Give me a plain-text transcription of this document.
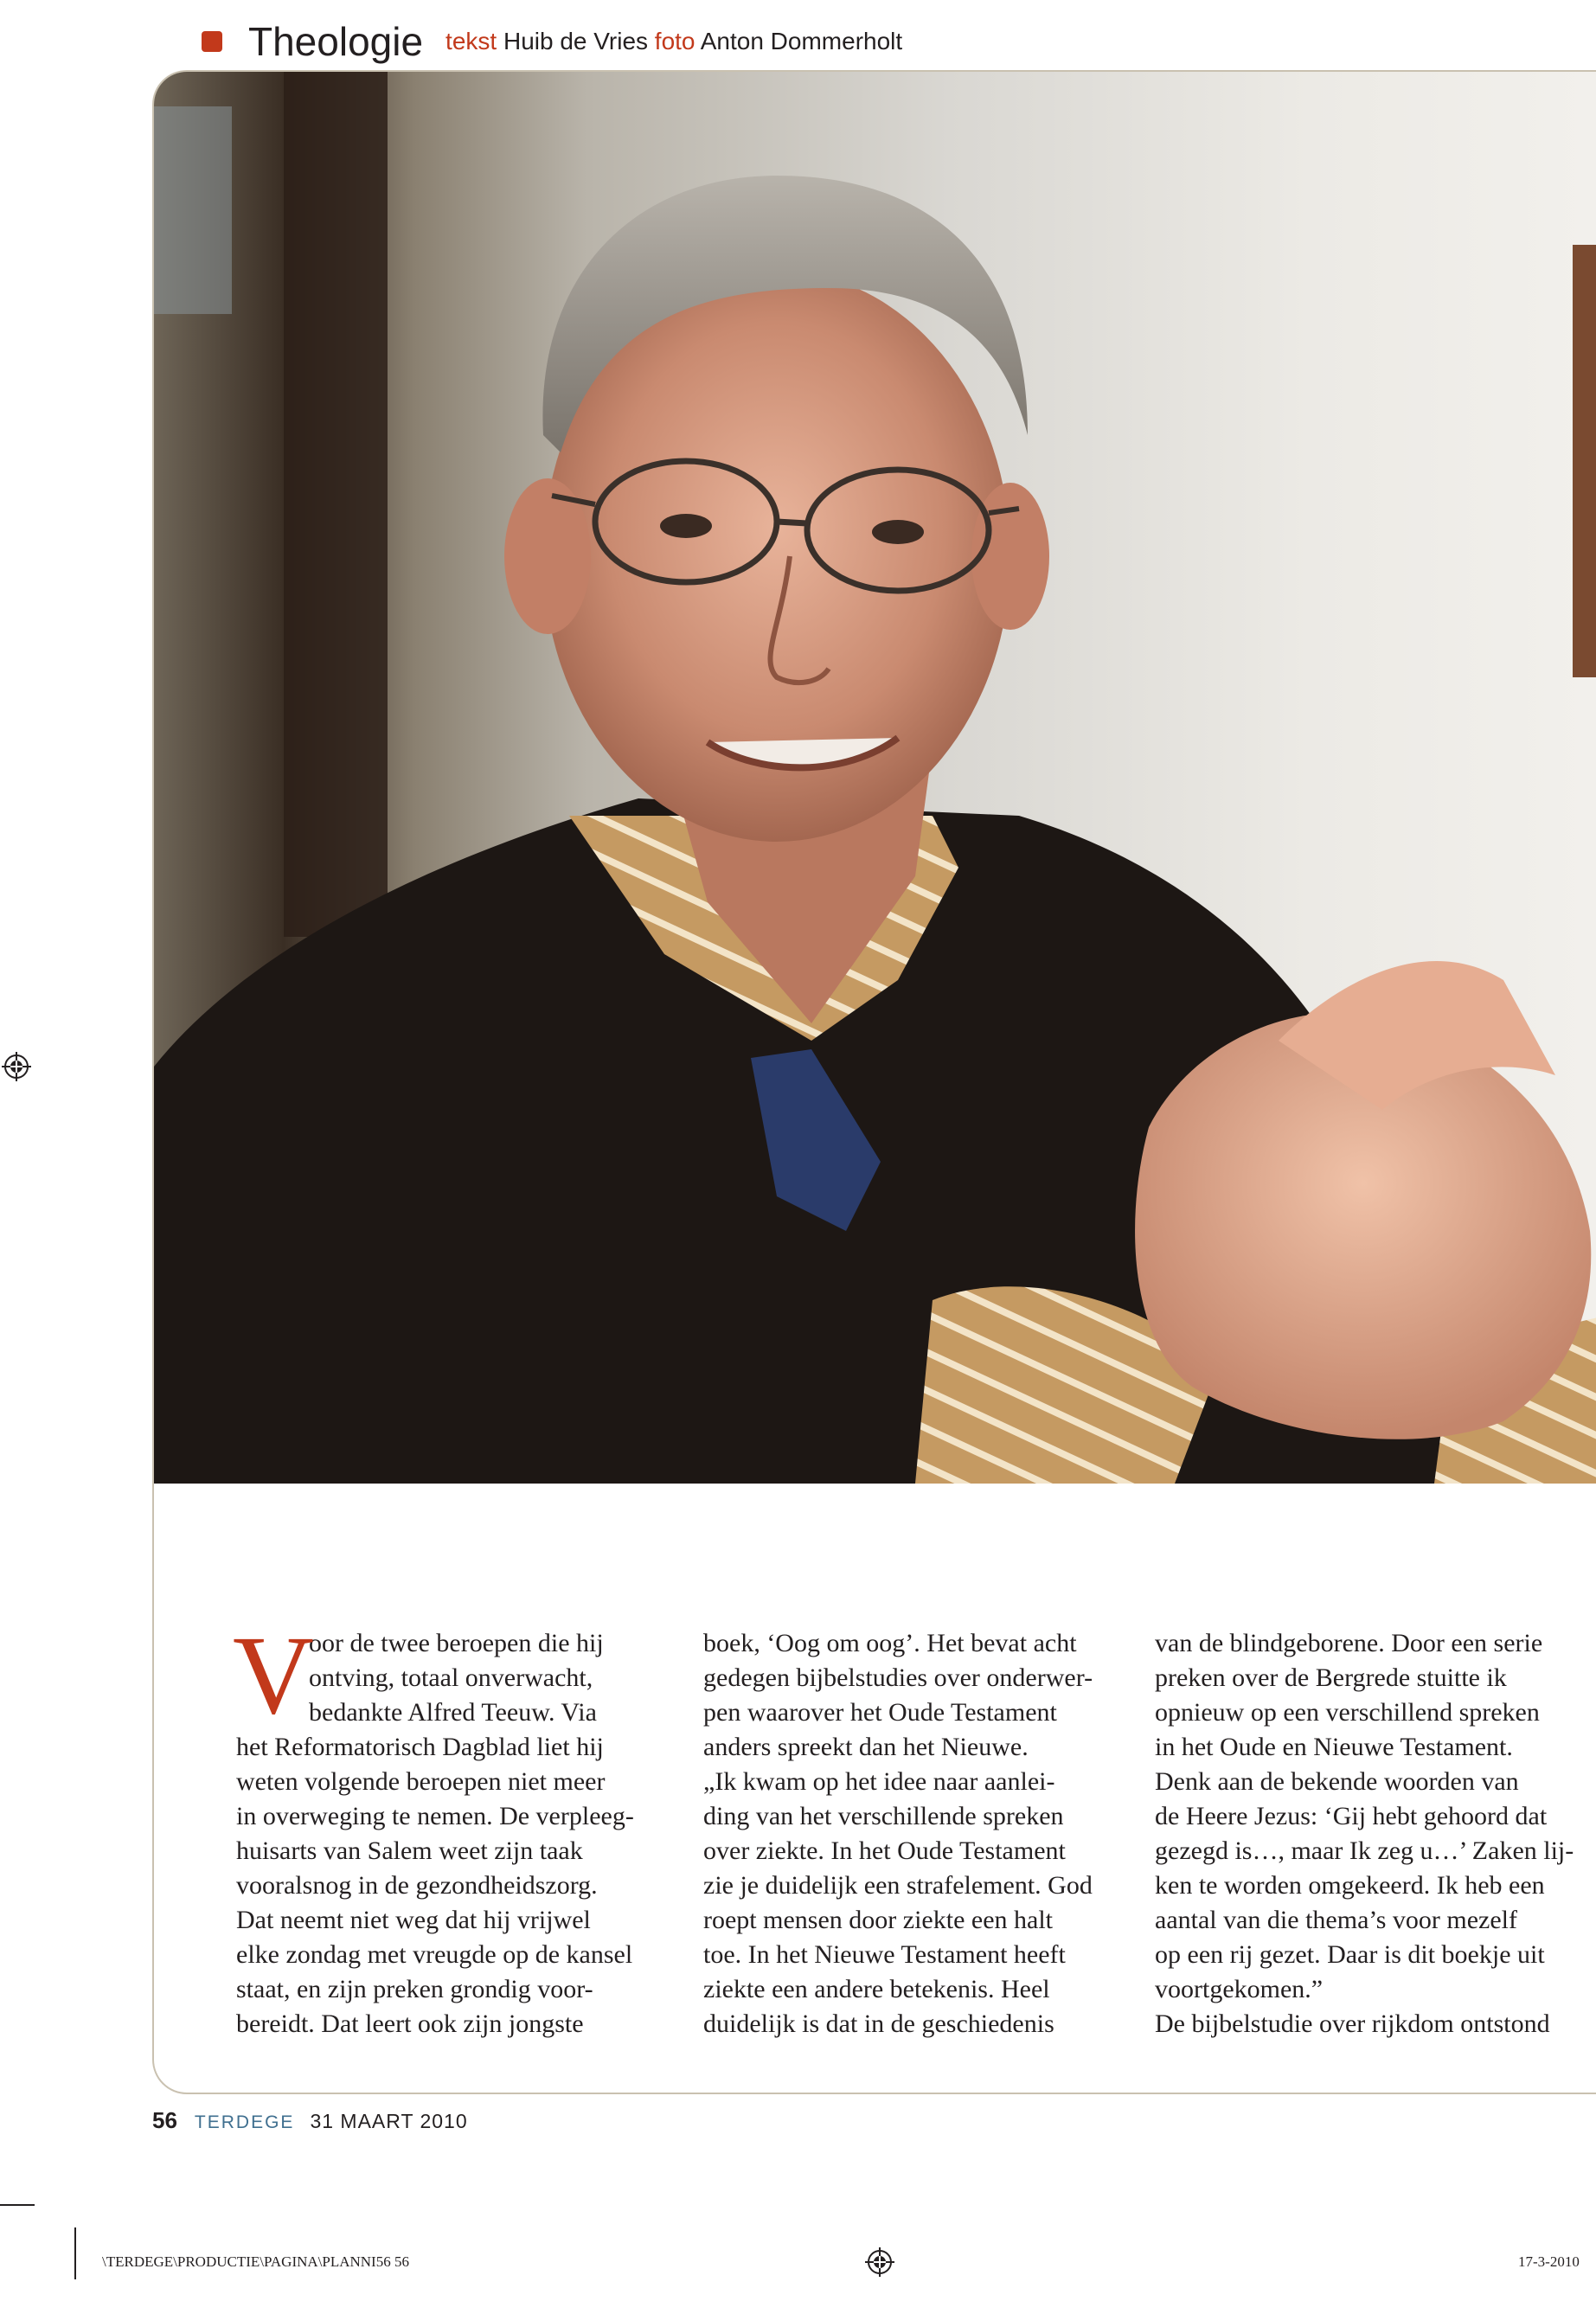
Theologie tekst Huib de Vries foto Anton Dommerholt
V
oor de twee beroepen die hij
ontving, totaal onverwacht,
bedankte Alfred Teeuw. Via
het Reformatorisch Dagblad liet hij
weten volgende beroepen niet meer
in overweging te nemen. De verpleeg-
huisarts van Salem weet zijn taak
vooralsnog in de gezondheidszorg.
Dat neemt niet weg dat hij vrijwel
elke zondag met vreugde op de kansel
staat, en zijn preken grondig voor-
bereidt. Dat leert ook zijn jongste
boek, ‘Oog om oog’. Het bevat acht
gedegen bijbelstudies over onderwer-
pen waarover het Oude Testament
anders spreekt dan het Nieuwe.
„Ik kwam op het idee naar aanlei-
ding van het verschillende spreken
over ziekte. In het Oude Testament
zie je duidelijk een strafelement. God
roept mensen door ziekte een halt
toe. In het Nieuwe Testament heeft
ziekte een andere betekenis. Heel
duidelijk is dat in de geschiedenis
van de blindgeborene. Door een serie
preken over de Bergrede stuitte ik
opnieuw op een verschillend spreken
in het Oude en Nieuwe Testament.
Denk aan de bekende woorden van
de Heere Jezus: ‘Gij hebt gehoord dat
gezegd is…, maar Ik zeg u…’ Zaken lij-
ken te worden omgekeerd. Ik heb een
aantal van die thema’s voor mezelf
op een rij gezet. Daar is dit boekje uit
voortgekomen.”
De bijbelstudie over rijkdom ontstond
56 TERDEGE 31 MAART 2010
\TERDEGE\PRODUCTIE\PAGINA\PLANNI56 56	17-3-2010
